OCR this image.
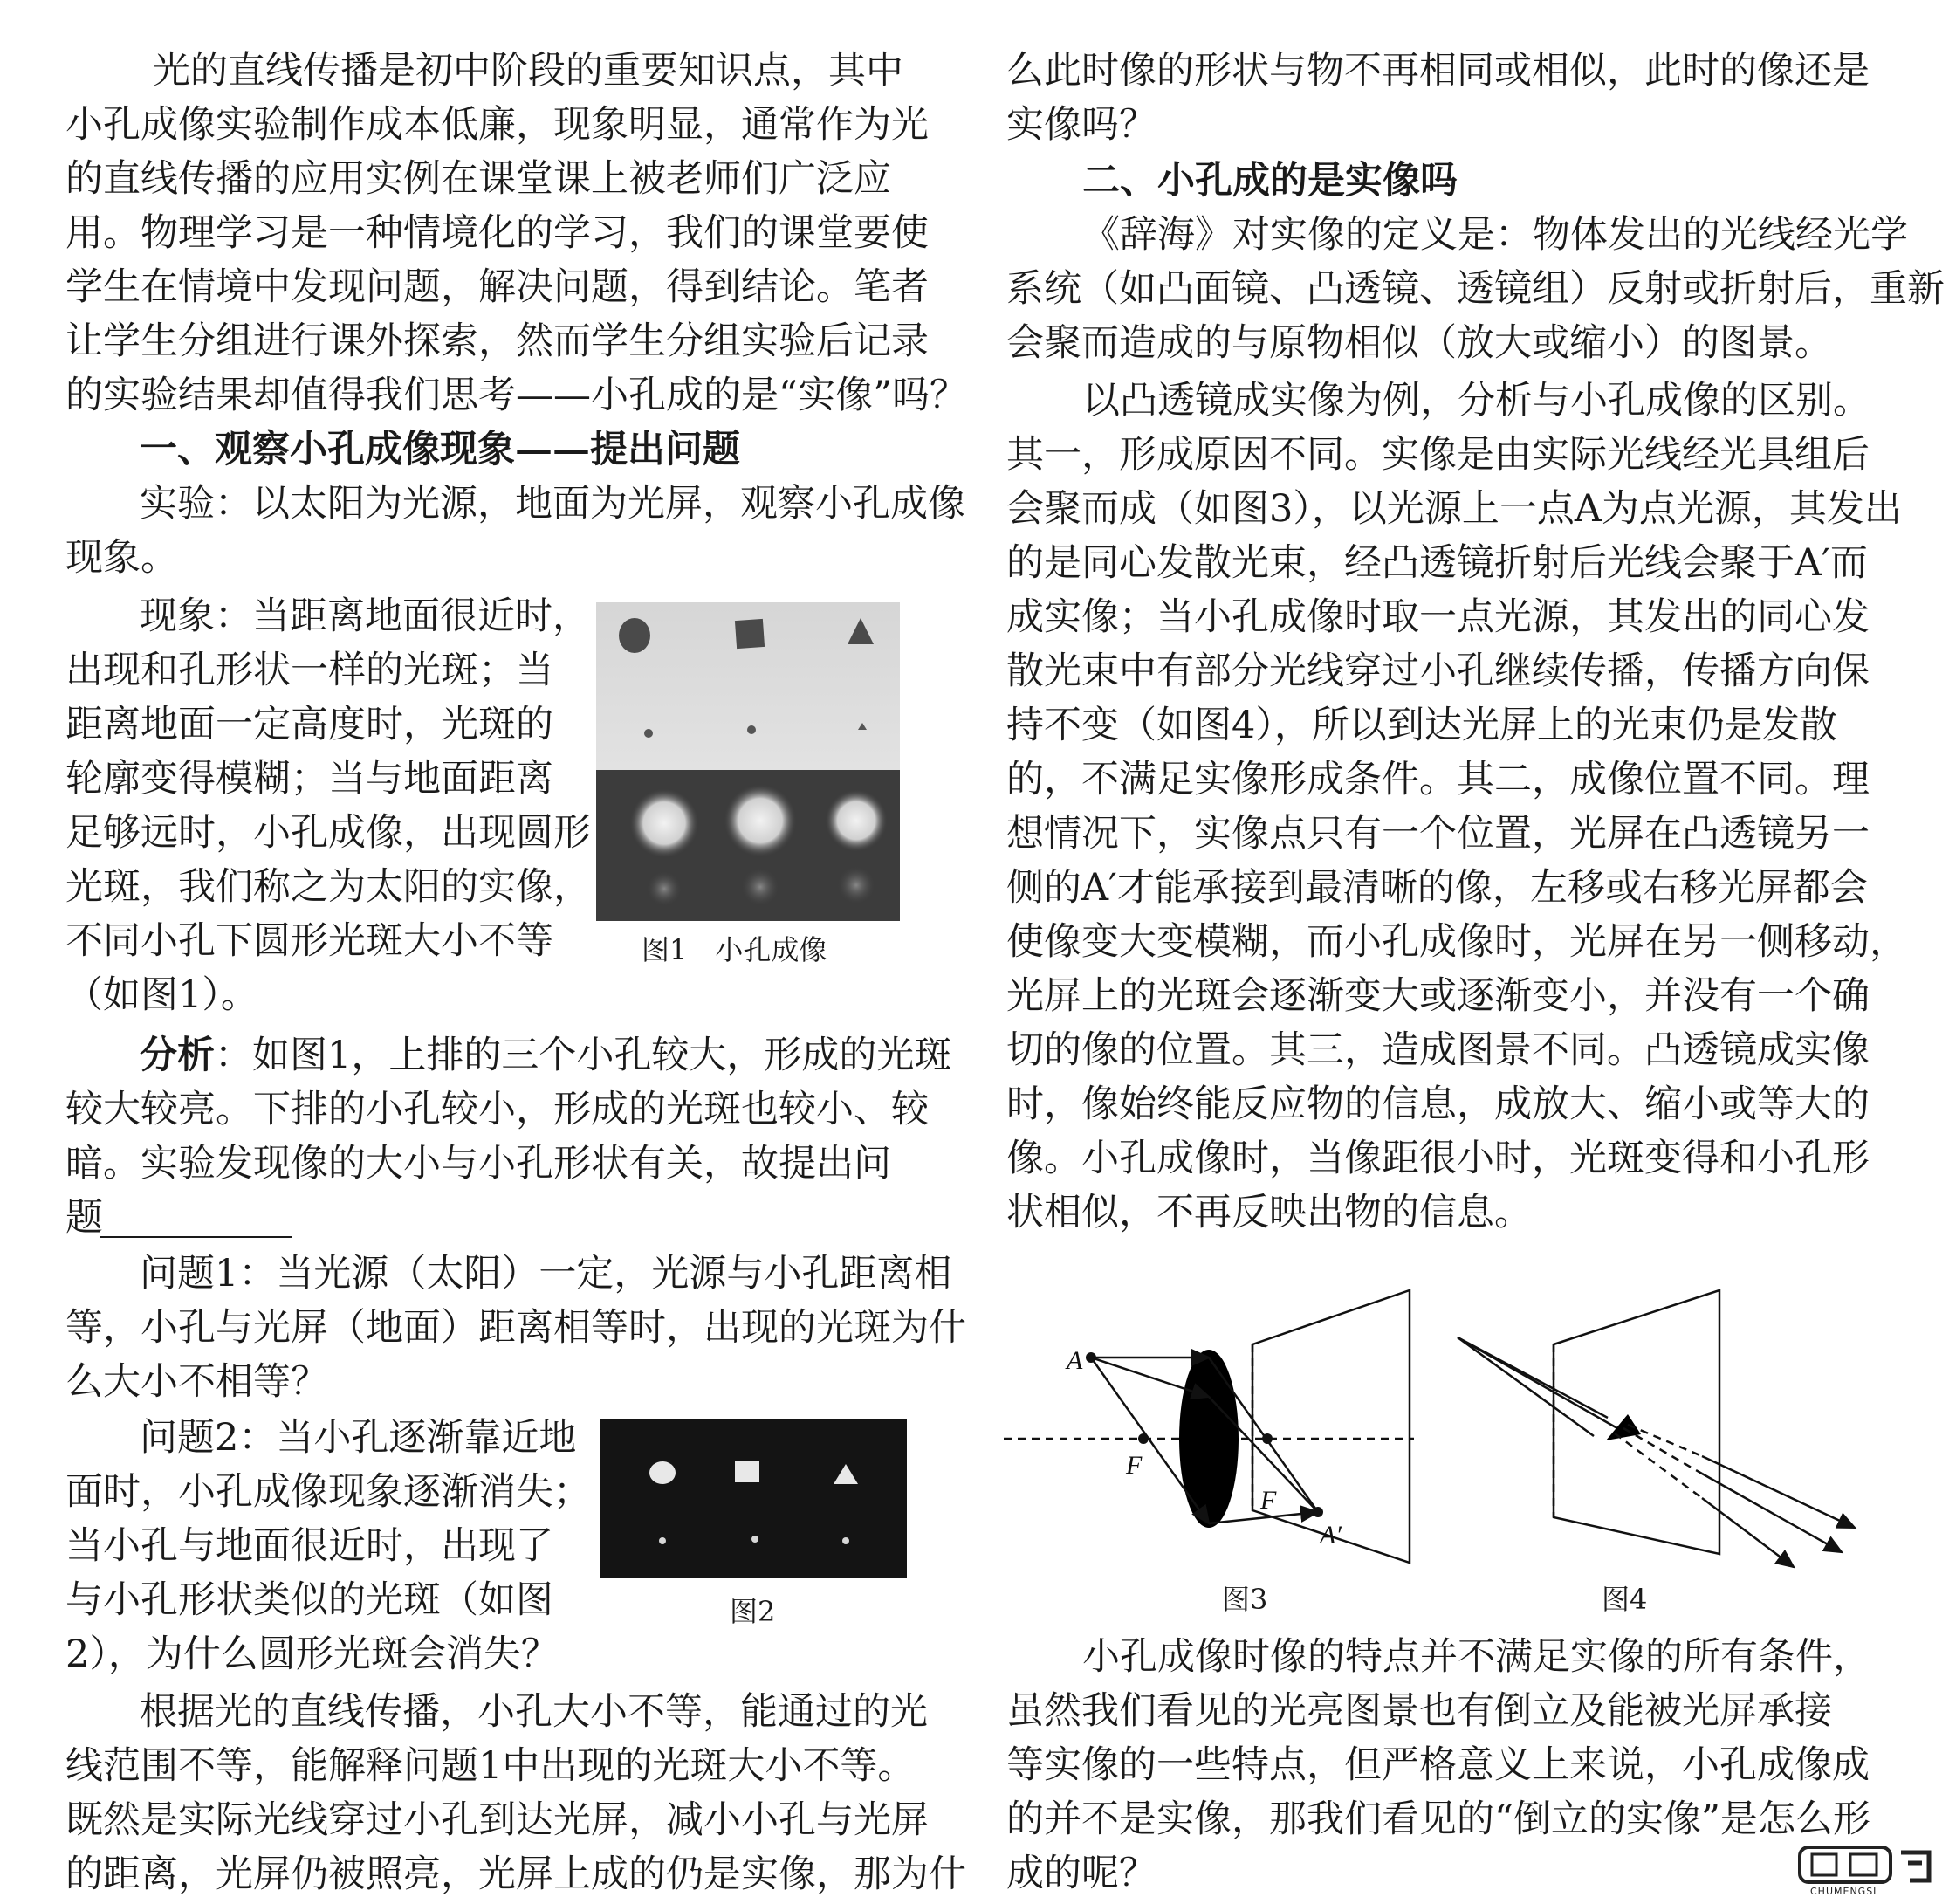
光的直线传播是初中阶段的重要知识点，其中
小孔成像实验制作成本低廉，现象明显，通常作为光
的直线传播的应用实例在课堂课上被老师们广泛应
用。物理学习是一种情境化的学习，我们的课堂要使
学生在情境中发现问题，解决问题，得到结论。笔者
让学生分组进行课外探索，然而学生分组实验后记录
的实验结果却值得我们思考——小孔成的是“实像”吗？
一、观察小孔成像现象——提出问题
实验：以太阳为光源，地面为光屏，观察小孔成像
现象。
现象：当距离地面很近时，
出现和孔形状一样的光斑；当
距离地面一定高度时，光斑的
轮廓变得模糊；当与地面距离
足够远时，小孔成像，出现圆形
光斑，我们称之为太阳的实像，
不同小孔下圆形光斑大小不等
（如图1）。
分析：如图1，上排的三个小孔较大，形成的光斑
较大较亮。下排的小孔较小，形成的光斑也较小、较
暗。实验发现像的大小与小孔形状有关，故提出问
题
问题1：当光源（太阳）一定，光源与小孔距离相
等，小孔与光屏（地面）距离相等时，出现的光斑为什
么大小不相等？
问题2：当小孔逐渐靠近地
面时，小孔成像现象逐渐消失；
当小孔与地面很近时，出现了
与小孔形状类似的光斑（如图
2），为什么圆形光斑会消失？
根据光的直线传播，小孔大小不等，能通过的光
线范围不等，能解释问题1中出现的光斑大小不等。
既然是实际光线穿过小孔到达光屏，减小小孔与光屏
的距离，光屏仍被照亮，光屏上成的仍是实像，那为什
图1　小孔成像
图2
么此时像的形状与物不再相同或相似，此时的像还是
实像吗？
二、小孔成的是实像吗
《辞海》对实像的定义是：物体发出的光线经光学
系统（如凸面镜、凸透镜、透镜组）反射或折射后，重新
会聚而造成的与原物相似（放大或缩小）的图景。
以凸透镜成实像为例，分析与小孔成像的区别。
其一，形成原因不同。实像是由实际光线经光具组后
会聚而成（如图3），以光源上一点A为点光源，其发出
的是同心发散光束，经凸透镜折射后光线会聚于A′而
成实像；当小孔成像时取一点光源，其发出的同心发
散光束中有部分光线穿过小孔继续传播，传播方向保
持不变（如图4），所以到达光屏上的光束仍是发散
的，不满足实像形成条件。其二，成像位置不同。理
想情况下，实像点只有一个位置，光屏在凸透镜另一
侧的A′才能承接到最清晰的像，左移或右移光屏都会
使像变大变模糊，而小孔成像时，光屏在另一侧移动，
光屏上的光斑会逐渐变大或逐渐变小，并没有一个确
切的像的位置。其三，造成图景不同。凸透镜成实像
时，像始终能反应物的信息，成放大、缩小或等大的
像。小孔成像时，当像距很小时，光斑变得和小孔形
状相似，不再反映出物的信息。
小孔成像时像的特点并不满足实像的所有条件，
虽然我们看见的光亮图景也有倒立及能被光屏承接
等实像的一些特点，但严格意义上来说，小孔成像成
的并不是实像，那我们看见的“倒立的实像”是怎么形
成的呢？
A
F
F
A′
图3	图4
CHUMENGSI
